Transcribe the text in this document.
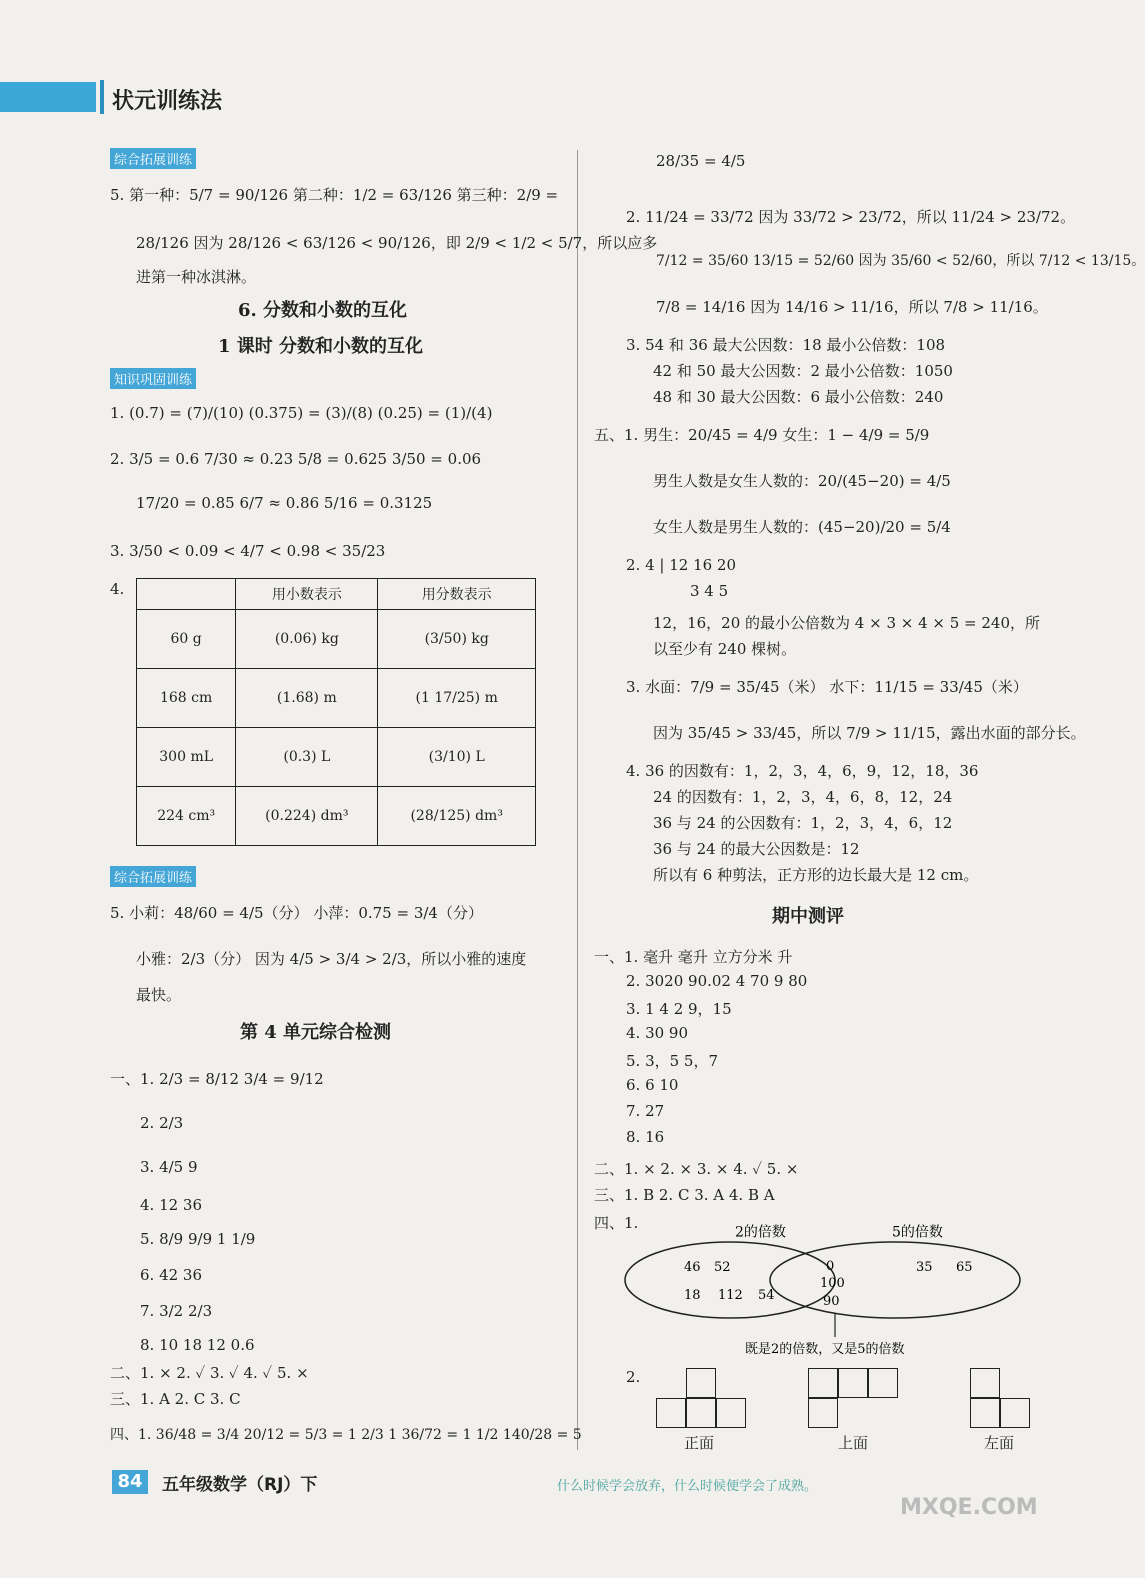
状元训练法
综合拓展训练
5. 第一种：5/7 = 90/126 第二种：1/2 = 63/126 第三种：2/9 =
28/126 因为 28/126 < 63/126 < 90/126，即 2/9 < 1/2 < 5/7，所以应多
进第一种冰淇淋。
6. 分数和小数的互化
1 课时 分数和小数的互化
知识巩固训练
1. (0.7) = (7)/(10) (0.375) = (3)/(8) (0.25) = (1)/(4)
2. 3/5 = 0.6 7/30 ≈ 0.23 5/8 = 0.625 3/50 = 0.06
17/20 = 0.85 6/7 ≈ 0.86 5/16 = 0.3125
3. 3/50 < 0.09 < 4/7 < 0.98 < 35/23
4.
		用小数表示	用分数表示
60 g	(0.06) kg	(3/50) kg
168 cm	(1.68) m	(1 17/25) m
300 mL	(0.3) L	(3/10) L
224 cm³	(0.224) dm³	(28/125) dm³
综合拓展训练
5. 小莉：48/60 = 4/5（分） 小萍：0.75 = 3/4（分）
小雅：2/3（分） 因为 4/5 > 3/4 > 2/3，所以小雅的速度
最快。
第 4 单元综合检测
一、1. 2/3 = 8/12 3/4 = 9/12
2. 2/3
3. 4/5 9
4. 12 36
5. 8/9 9/9 1 1/9
6. 42 36
7. 3/2 2/3
8. 10 18 12 0.6
二、1. × 2. ✓ 3. ✓ 4. ✓ 5. ×
三、1. A 2. C 3. C
四、1. 36/48 = 3/4 20/12 = 5/3 = 1 2/3 1 36/72 = 1 1/2 140/28 = 5
28/35 = 4/5
2. 11/24 = 33/72 因为 33/72 > 23/72，所以 11/24 > 23/72。
7/12 = 35/60 13/15 = 52/60 因为 35/60 < 52/60，所以 7/12 < 13/15。
7/8 = 14/16 因为 14/16 > 11/16，所以 7/8 > 11/16。
3. 54 和 36 最大公因数：18 最小公倍数：108
42 和 50 最大公因数：2 最小公倍数：1050
48 和 30 最大公因数：6 最小公倍数：240
五、1. 男生：20/45 = 4/9 女生：1 − 4/9 = 5/9
男生人数是女生人数的：20/(45−20) = 4/5
女生人数是男生人数的：(45−20)/20 = 5/4
2. 4 | 12 16 20
3 4 5
12，16，20 的最小公倍数为 4 × 3 × 4 × 5 = 240，所
以至少有 240 棵树。
3. 水面：7/9 = 35/45（米） 水下：11/15 = 33/45（米）
因为 35/45 > 33/45，所以 7/9 > 11/15，露出水面的部分长。
4. 36 的因数有：1，2，3，4，6，9，12，18，36
24 的因数有：1，2，3，4，6，8，12，24
36 与 24 的公因数有：1，2，3，4，6，12
36 与 24 的最大公因数是：12
所以有 6 种剪法，正方形的边长最大是 12 cm。
期中测评
一、1. 毫升 毫升 立方分米 升
2. 3020 90.02 4 70 9 80
3. 1 4 2 9，15
4. 30 90
5. 3，5 5，7
6. 6 10
7. 27
8. 16
二、1. × 2. × 3. × 4. ✓ 5. ×
三、1. B 2. C 3. A 4. B A
四、1.
2的倍数	5的倍数
46 52
18 112 54
0
100
90
35 65
既是2的倍数，又是5的倍数
2.
正面	上面	左面
84	五年级数学（RJ）下	什么时候学会放弃，什么时候便学会了成熟。
MXQE.COM
